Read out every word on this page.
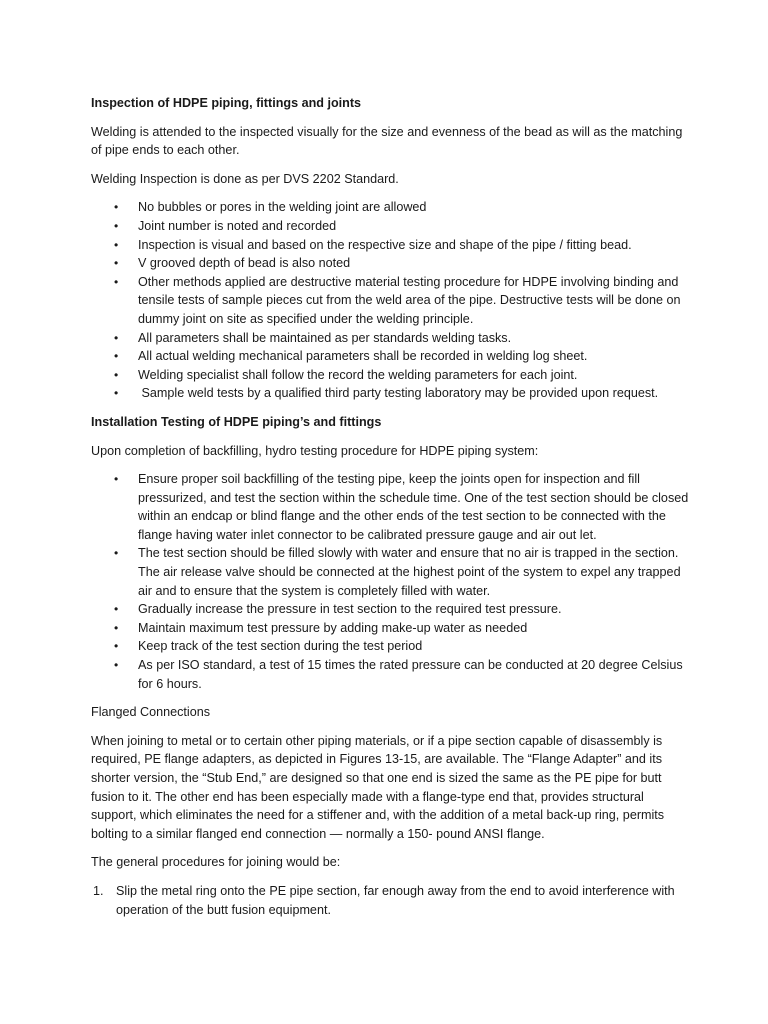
Inspection of HDPE piping, fittings and joints
Welding is attended to the inspected visually for the size and evenness of the bead as will as the matching of pipe ends to each other.
Welding Inspection is done as per DVS 2202 Standard.
• No bubbles or pores in the welding joint are allowed
• Joint number is noted and recorded
• Inspection is visual and based on the respective size and shape of the pipe / fitting bead.
• V grooved depth of bead is also noted
• Other methods applied are destructive material testing procedure for HDPE involving binding and tensile tests of sample pieces cut from the weld area of the pipe. Destructive tests will be done on dummy joint on site as specified under the welding principle.
• All parameters shall be maintained as per standards welding tasks.
• All actual welding mechanical parameters shall be recorded in welding log sheet.
• Welding specialist shall follow the record the welding parameters for each joint.
• Sample weld tests by a qualified third party testing laboratory may be provided upon request.
Installation Testing of HDPE piping’s and fittings
Upon completion of backfilling, hydro testing procedure for HDPE piping system:
• Ensure proper soil backfilling of the testing pipe, keep the joints open for inspection and fill pressurized, and test the section within the schedule time. One of the test section should be closed within an endcap or blind flange and the other ends of the test section to be connected with the flange having water inlet connector to be calibrated pressure gauge and air out let.
• The test section should be filled slowly with water and ensure that no air is trapped in the section. The air release valve should be connected at the highest point of the system to expel any trapped air and to ensure that the system is completely filled with water.
• Gradually increase the pressure in test section to the required test pressure.
• Maintain maximum test pressure by adding make-up water as needed
• Keep track of the test section during the test period
• As per ISO standard, a test of 15 times the rated pressure can be conducted at 20 degree Celsius for 6 hours.
Flanged Connections
When joining to metal or to certain other piping materials, or if a pipe section capable of disassembly is required, PE flange adapters, as depicted in Figures 13-15, are available. The “Flange Adapter” and its shorter version, the “Stub End,” are designed so that one end is sized the same as the PE pipe for butt fusion to it. The other end has been especially made with a flange-type end that, provides structural support, which eliminates the need for a stiffener and, with the addition of a metal back-up ring, permits bolting to a similar flanged end connection — normally a 150- pound ANSI flange.
The general procedures for joining would be:
1. Slip the metal ring onto the PE pipe section, far enough away from the end to avoid interference with operation of the butt fusion equipment.
